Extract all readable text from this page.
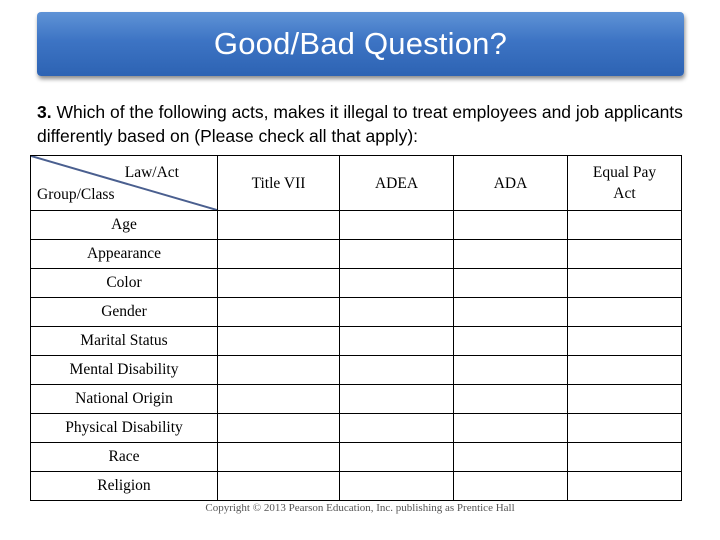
Good/Bad Question?
3. Which of the following acts, makes it illegal to treat employees and job applicants differently based on (Please check all that apply):
Law/Act
Group/Class	Title VII	ADEA	ADA	Equal Pay Act

Age				
Appearance				
Color				
Gender				
Marital Status				
Mental Disability				
National Origin				
Physical Disability				
Race				
Religion				
Copyright © 2013 Pearson Education, Inc. publishing as Prentice Hall
